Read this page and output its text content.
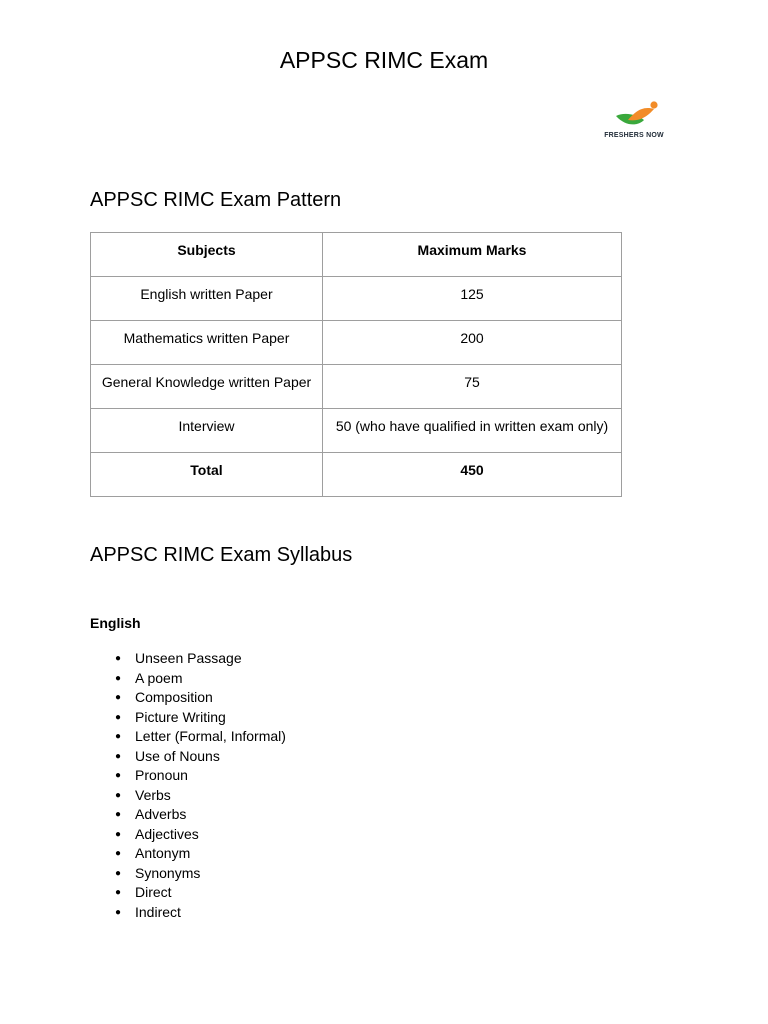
APPSC RIMC Exam
FRESHERS NOW
APPSC RIMC Exam Pattern
Subjects	Maximum Marks

English written Paper	125

Mathematics written Paper	200

General Knowledge written Paper	75

Interview	50 (who have qualified in written exam only)

Total	450
APPSC RIMC Exam Syllabus
English
● Unseen Passage
● A poem
● Composition
● Picture Writing
● Letter (Formal, Informal)
● Use of Nouns
● Pronoun
● Verbs
● Adverbs
● Adjectives
● Antonym
● Synonyms
● Direct
● Indirect
